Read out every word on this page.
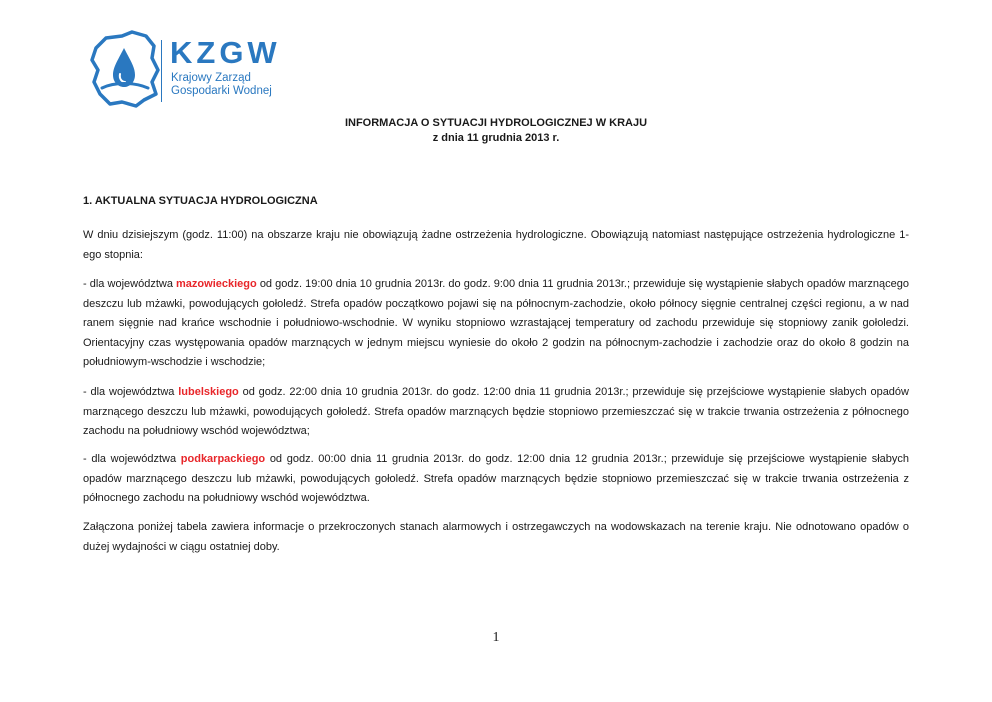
KZGW
Krajowy Zarząd
Gospodarki Wodnej
INFORMACJA O SYTUACJI HYDROLOGICZNEJ W KRAJU
z dnia 11 grudnia 2013 r.
1. AKTUALNA SYTUACJA HYDROLOGICZNA

W dniu dzisiejszym (godz. 11:00) na obszarze kraju nie obowiązują żadne ostrzeżenia hydrologiczne. Obowiązują natomiast następujące ostrzeżenia hydrologiczne 1-ego stopnia:

- dla województwa mazowieckiego od godz. 19:00 dnia 10 grudnia 2013r. do godz. 9:00 dnia 11 grudnia 2013r.; przewiduje się wystąpienie słabych opadów marznącego deszczu lub mżawki, powodujących gołoledź. Strefa opadów początkowo pojawi się na północnym-zachodzie, około północy sięgnie centralnej części regionu, a w nad ranem sięgnie nad krańce wschodnie i południowo-wschodnie. W wyniku stopniowo wzrastającej temperatury od zachodu przewiduje się stopniowy zanik gołoledzi. Orientacyjny czas występowania opadów marznących w jednym miejscu wyniesie do około 2 godzin na północnym-zachodzie i zachodzie oraz do około 8 godzin na południowym-wschodzie i wschodzie;

- dla województwa lubelskiego od godz. 22:00 dnia 10 grudnia 2013r. do godz. 12:00 dnia 11 grudnia 2013r.; przewiduje się przejściowe wystąpienie słabych opadów marznącego deszczu lub mżawki, powodujących gołoledź. Strefa opadów marznących będzie stopniowo przemieszczać się w trakcie trwania ostrzeżenia z północnego zachodu na południowy wschód województwa;

- dla województwa podkarpackiego od godz. 00:00 dnia 11 grudnia 2013r. do godz. 12:00 dnia 12 grudnia 2013r.; przewiduje się przejściowe wystąpienie słabych opadów marznącego deszczu lub mżawki, powodujących gołoledź. Strefa opadów marznących będzie stopniowo przemieszczać się w trakcie trwania ostrzeżenia z północnego zachodu na południowy wschód województwa.

Załączona poniżej tabela zawiera informacje o przekroczonych stanach alarmowych i ostrzegawczych na wodowskazach na terenie kraju. Nie odnotowano opadów o dużej wydajności w ciągu ostatniej doby.

1
